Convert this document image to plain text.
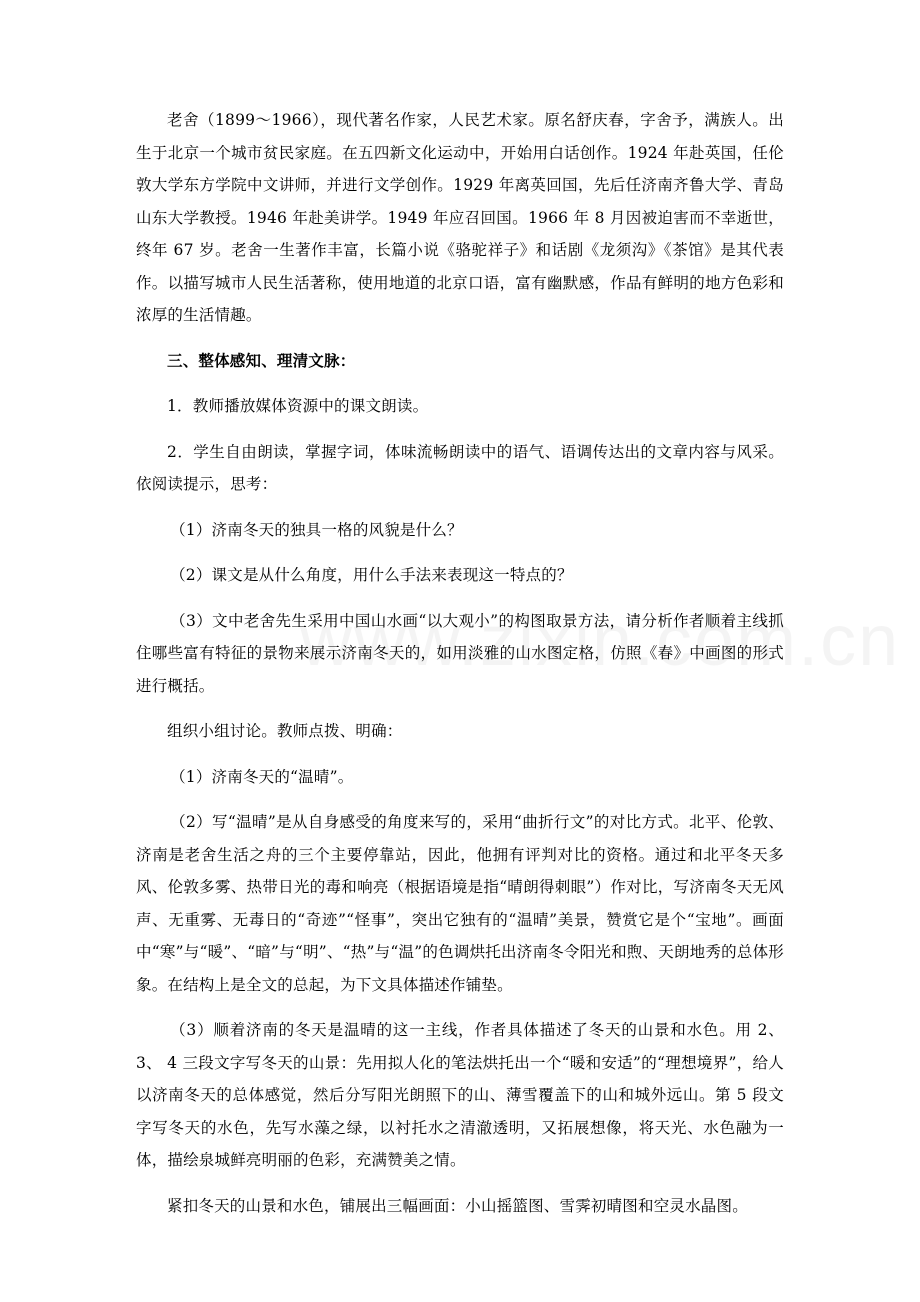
老舍（1899～1966），现代著名作家，人民艺术家。原名舒庆春，字舍予，满族人。出生于北京一个城市贫民家庭。在五四新文化运动中，开始用白话创作。1924 年赴英国，任伦敦大学东方学院中文讲师，并进行文学创作。1929 年离英回国，先后任济南齐鲁大学、青岛山东大学教授。1946 年赴美讲学。1949 年应召回国。1966 年 8 月因被迫害而不幸逝世，终年 67 岁。老舍一生著作丰富，长篇小说《骆驼祥子》和话剧《龙须沟》《茶馆》是其代表作。以描写城市人民生活著称，使用地道的北京口语，富有幽默感，作品有鲜明的地方色彩和浓厚的生活情趣。

三、整体感知、理清文脉：

1．教师播放媒体资源中的课文朗读。

2．学生自由朗读，掌握字词，体味流畅朗读中的语气、语调传达出的文章内容与风采。依阅读提示，思考：

（1）济南冬天的独具一格的风貌是什么？

（2）课文是从什么角度，用什么手法来表现这一特点的？

（3）文中老舍先生采用中国山水画“以大观小”的构图取景方法，请分析作者顺着主线抓住哪些富有特征的景物来展示济南冬天的，如用淡雅的山水图定格，仿照《春》中画图的形式进行概括。

组织小组讨论。教师点拨、明确：

（1）济南冬天的“温晴”。

（2）写“温晴”是从自身感受的角度来写的，采用“曲折行文”的对比方式。北平、伦敦、济南是老舍生活之舟的三个主要停靠站，因此，他拥有评判对比的资格。通过和北平冬天多风、伦敦多雾、热带日光的毒和响亮（根据语境是指“晴朗得刺眼”）作对比，写济南冬天无风声、无重雾、无毒日的“奇迹”“怪事”，突出它独有的“温晴”美景，赞赏它是个“宝地”。画面中“寒”与“暖”、“暗”与“明”、“热”与“温”的色调烘托出济南冬令阳光和煦、天朗地秀的总体形象。在结构上是全文的总起，为下文具体描述作铺垫。

（3）顺着济南的冬天是温晴的这一主线，作者具体描述了冬天的山景和水色。用 2、3、 4 三段文字写冬天的山景：先用拟人化的笔法烘托出一个“暖和安适”的“理想境界”，给人以济南冬天的总体感觉，然后分写阳光朗照下的山、薄雪覆盖下的山和城外远山。第 5 段文字写冬天的水色，先写水藻之绿，以衬托水之清澈透明，又拓展想像，将天光、水色融为一体，描绘泉城鲜亮明丽的色彩，充满赞美之情。

紧扣冬天的山景和水色，铺展出三幅画面：小山摇篮图、雪霁初晴图和空灵水晶图。
